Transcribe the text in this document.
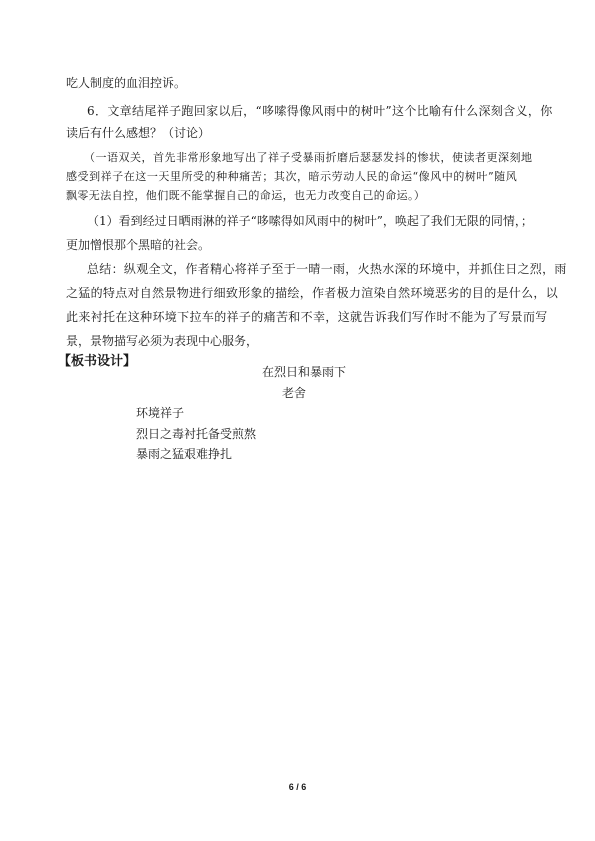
吃人制度的血泪控诉。
6．文章结尾祥子跑回家以后，“哆嗦得像风雨中的树叶”这个比喻有什么深刻含义，你
读后有什么感想？（讨论）
（一语双关，首先非常形象地写出了祥子受暴雨折磨后瑟瑟发抖的惨状，使读者更深刻地
感受到祥子在这一天里所受的种种痛苦；其次，暗示劳动人民的命运“像风中的树叶”随风
飘零无法自控，他们既不能掌握自己的命运，也无力改变自己的命运。）
（1）看到经过日晒雨淋的祥子“哆嗦得如风雨中的树叶”，唤起了我们无限的同情，；
更加憎恨那个黑暗的社会。
总结：纵观全文，作者精心将祥子至于一晴一雨，火热水深的环境中，并抓住日之烈，雨
之猛的特点对自然景物进行细致形象的描绘，作者极力渲染自然环境恶劣的目的是什么，以
此来衬托在这种环境下拉车的祥子的痛苦和不幸，这就告诉我们写作时不能为了写景而写
景，景物描写必须为表现中心服务，
【板书设计】
在烈日和暴雨下
老舍
环境祥子
烈日之毒衬托备受煎熬
暴雨之猛艰难挣扎
6 / 6
